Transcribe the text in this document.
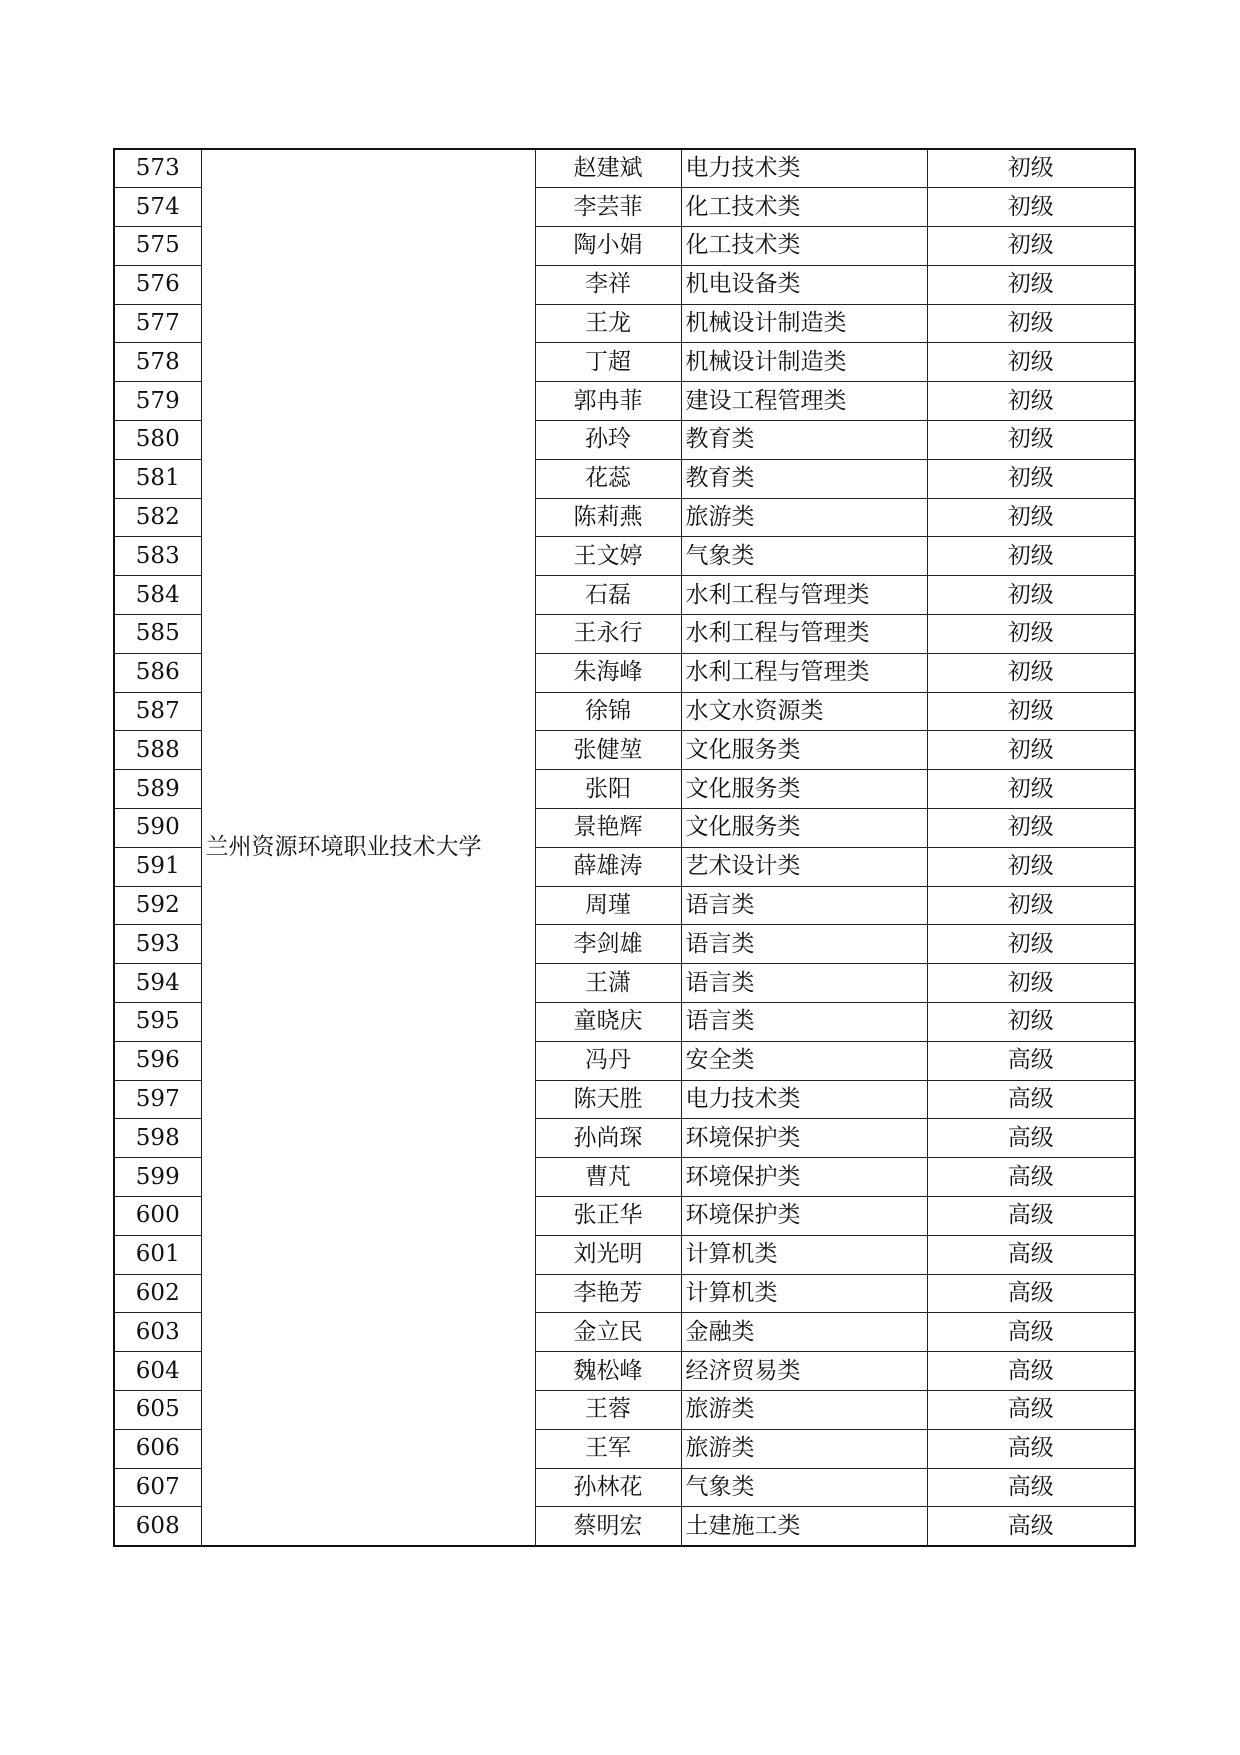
573	兰州资源环境职业技术大学	赵建斌	电力技术类	初级
574		李芸菲	化工技术类	初级
575		陶小娟	化工技术类	初级
576		李祥	机电设备类	初级
577		王龙	机械设计制造类	初级
578		丁超	机械设计制造类	初级
579		郭冉菲	建设工程管理类	初级
580		孙玲	教育类	初级
581		花蕊	教育类	初级
582		陈莉燕	旅游类	初级
583		王文婷	气象类	初级
584		石磊	水利工程与管理类	初级
585		王永行	水利工程与管理类	初级
586		朱海峰	水利工程与管理类	初级
587		徐锦	水文水资源类	初级
588		张健堃	文化服务类	初级
589		张阳	文化服务类	初级
590		景艳辉	文化服务类	初级
591		薛雄涛	艺术设计类	初级
592		周瑾	语言类	初级
593		李剑雄	语言类	初级
594		王潇	语言类	初级
595		童晓庆	语言类	初级
596		冯丹	安全类	高级
597		陈天胜	电力技术类	高级
598		孙尚琛	环境保护类	高级
599		曹芃	环境保护类	高级
600		张正华	环境保护类	高级
601		刘光明	计算机类	高级
602		李艳芳	计算机类	高级
603		金立民	金融类	高级
604		魏松峰	经济贸易类	高级
605		王蓉	旅游类	高级
606		王军	旅游类	高级
607		孙林花	气象类	高级
608		蔡明宏	土建施工类	高级
